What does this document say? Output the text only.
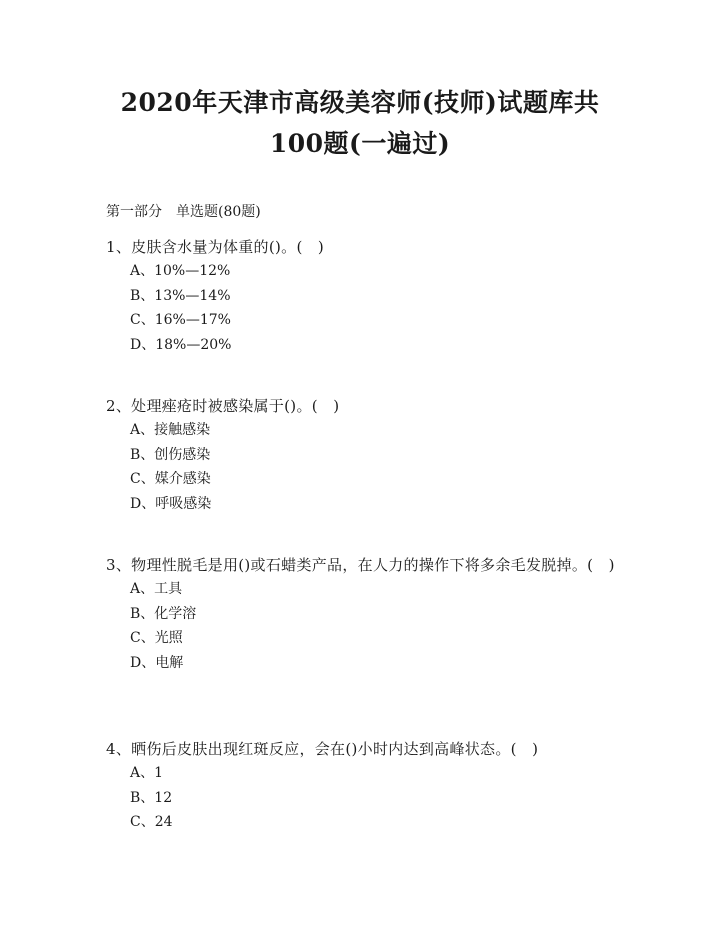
2020年天津市高级美容师(技师)试题库共
100题(一遍过)
第一部分　单选题(80题)
1、皮肤含水量为体重的()。(　)
A、10%—12%
B、13%—14%
C、16%—17%
D、18%—20%
2、处理痤疮时被感染属于()。(　)
A、接触感染
B、创伤感染
C、媒介感染
D、呼吸感染
3、物理性脱毛是用()或石蜡类产品，在人力的操作下将多余毛发脱掉。(　)
A、工具
B、化学溶
C、光照
D、电解
4、晒伤后皮肤出现红斑反应，会在()小时内达到高峰状态。(　)
A、1
B、12
C、24
